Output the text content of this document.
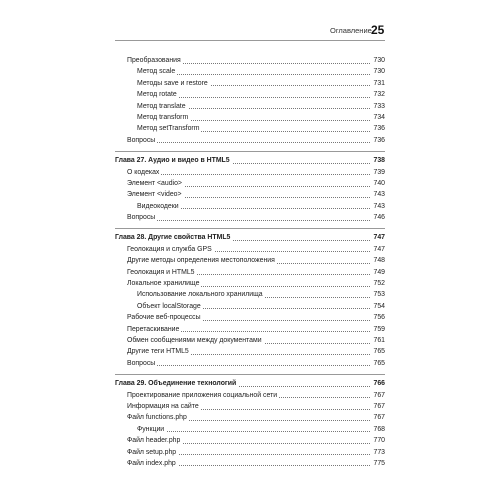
Оглавление 25
Преобразования	730
Метод scale	730
Методы save и restore	731
Метод rotate	732
Метод translate	733
Метод transform	734
Метод setTransform	736
Вопросы	736
Глава 27. Аудио и видео в HTML5	738
О кодеках	739
Элемент <audio>	740
Элемент <video>	743
Видеокодеки	743
Вопросы	746
Глава 28. Другие свойства HTML5	747
Геолокация и служба GPS	747
Другие методы определения местоположения	748
Геолокация и HTML5	749
Локальное хранилище	752
Использование локального хранилища	753
Объект localStorage	754
Рабочие веб-процессы	756
Перетаскивание	759
Обмен сообщениями между документами	761
Другие теги HTML5	765
Вопросы	765
Глава 29. Объединение технологий	766
Проектирование приложения социальной сети	767
Информация на сайте	767
Файл functions.php	767
Функции	768
Файл header.php	770
Файл setup.php	773
Файл index.php	775
